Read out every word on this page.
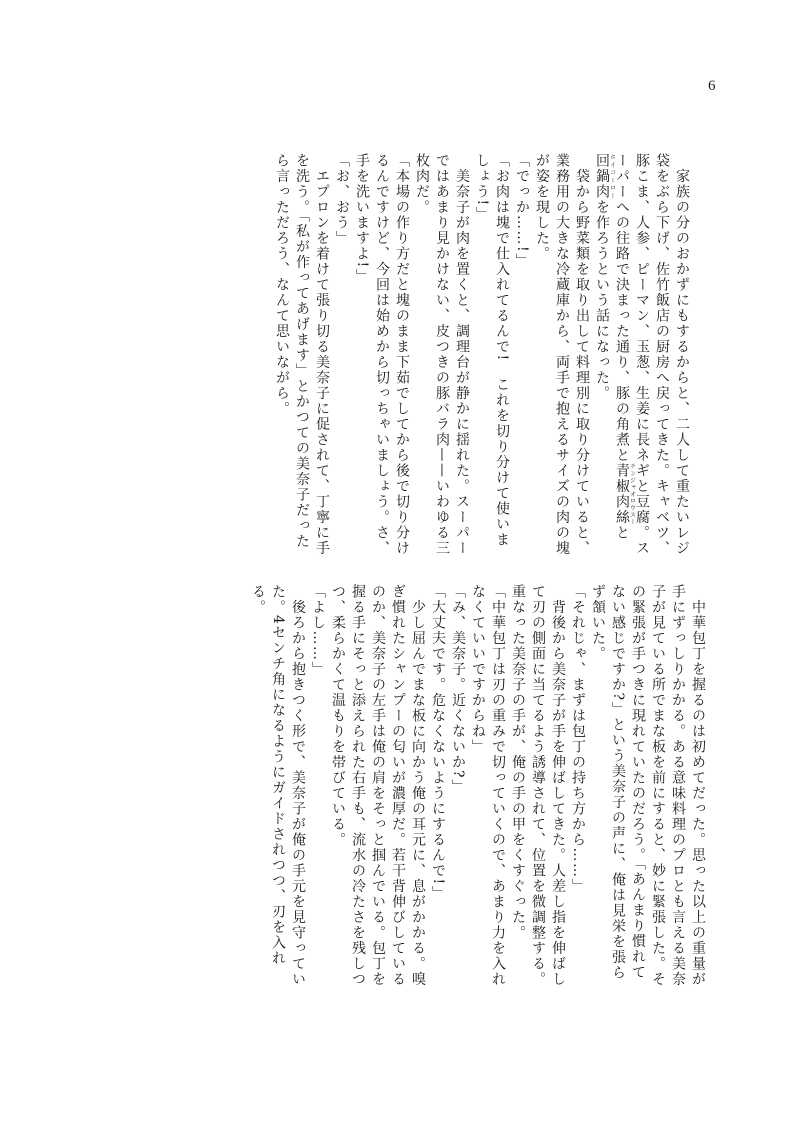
6

家族の分のおかずにもするからと、二人して重たいレジ袋をぶら下げ、佐竹飯店の厨房へ戻ってきた。キャベツ、豚こま、人参、ピーマン、玉葱、生姜に長ネギと豆腐。スーパーへの往路で決まった通り、豚の角煮と青椒肉絲チンジャオロウスーと回鍋肉ホイコーローを作ろうという話になった。

袋から野菜類を取り出して料理別に取り分けていると、業務用の大きな冷蔵庫から、両手で抱えるサイズの肉の塊が姿を現した。

「でっか……!」

「お肉は塊で仕入れてるんで!　これを切り分けて使いましょう!」

美奈子が肉を置くと、調理台が静かに揺れた。スーパーではあまり見かけない、皮つきの豚バラ肉——いわゆる三枚肉だ。

「本場の作り方だと塊のまま下茹でしてから後で切り分けるんですけど、今回は始めから切っちゃいましょう。さ、手を洗いますよ!」

「お、おう」

エプロンを着けて張り切る美奈子に促されて、丁寧に手を洗う。「私が作ってあげます」とかつての美奈子だったら言っただろう、なんて思いながら。

中華包丁を握るのは初めてだった。思った以上の重量が手にずっしりかかる。ある意味料理のプロとも言える美奈子が見ている所でまな板を前にすると、妙に緊張した。その緊張が手つきに現れていたのだろう。「あんまり慣れてない感じですか?」という美奈子の声に、俺は見栄を張らず頷いた。

「それじゃ、まずは包丁の持ち方から……」

背後から美奈子が手を伸ばしてきた。人差し指を伸ばして刃の側面に当てるよう誘導されて、位置を微調整する。重なった美奈子の手が、俺の手の甲をくすぐった。

「中華包丁は刃の重みで切っていくので、あまり力を入れなくていいですからね」

「み、美奈子。近くないか?」

「大丈夫です。危なくないようにするんで!」

少し屈んでまな板に向かう俺の耳元に、息がかかる。嗅ぎ慣れたシャンプーの匂いが濃厚だ。若干背伸びしているのか、美奈子の左手は俺の肩をそっと掴んでいる。包丁を握る手にそっと添えられた右手も、流水の冷たさを残しつつ、柔らかくて温もりを帯びている。

「よし……」

後ろから抱きつく形で、美奈子が俺の手元を見守っていた。4センチ角になるようにガイドされつつ、刃を入れる。
